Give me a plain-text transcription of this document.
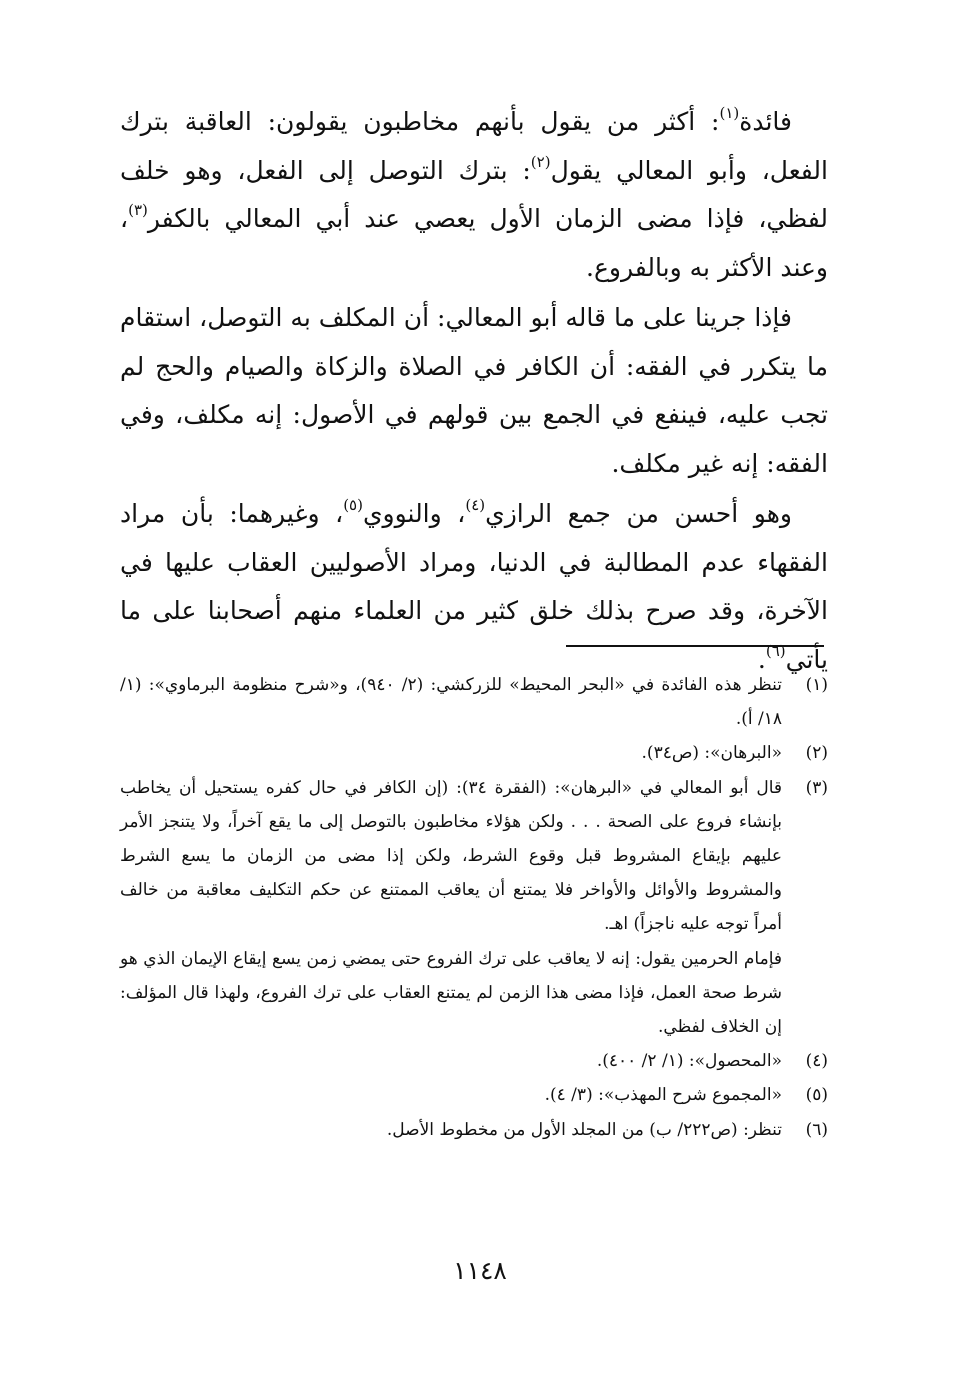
فائدة$^{(١)}$: أكثر من يقول بأنهم مخاطبون يقولون: العاقبة بترك الفعل، وأبو المعالي يقول$^{(٢)}$: بترك التوصل إلى الفعل، وهو خلف لفظي، فإذا مضى الزمان الأول يعصي عند أبي المعالي بالكفر$^{(٣)}$، وعند الأكثر به وبالفروع.

فإذا جرينا على ما قاله أبو المعالي: أن المكلف به التوصل، استقام ما يتكرر في الفقه: أن الكافر في الصلاة والزكاة والصيام والحج لم تجب عليه، فينفع في الجمع بين قولهم في الأصول: إنه مكلف، وفي الفقه: إنه غير مكلف.

وهو أحسن من جمع الرازي$^{(٤)}$، والنووي$^{(٥)}$، وغيرهما: بأن مراد الفقهاء عدم المطالبة في الدنيا، ومراد الأصوليين العقاب عليها في الآخرة، وقد صرح بذلك خلق كثير من العلماء منهم أصحابنا على ما يأتي$^{(٦)}$.

(١)

تنظر هذه الفائدة في «البحر المحيط» للزركشي: (٢/ ٩٤٠)، و«شرح منظومة البرماوي»: (١/ ١٨/ أ).

(٢)

«البرهان»: (ص٣٤).

(٣)

قال أبو المعالي في «البرهان»: (الفقرة ٣٤): (إن الكافر في حال كفره يستحيل أن يخاطب بإنشاء فروع على الصحة . . . ولكن هؤلاء مخاطبون بالتوصل إلى ما يقع آخراً، ولا يتنجز الأمر عليهم بإيقاع المشروط قبل وقوع الشرط، ولكن إذا مضى من الزمان ما يسع الشرط والمشروط والأوائل والأواخر فلا يمتنع أن يعاقب الممتنع عن حكم التكليف معاقبة من خالف أمراً توجه عليه ناجزاً) اهـ.

فإمام الحرمين يقول: إنه لا يعاقب على ترك الفروع حتى يمضي زمن يسع إيقاع الإيمان الذي هو شرط صحة العمل، فإذا مضى هذا الزمن لم يمتنع العقاب على ترك الفروع، ولهذا قال المؤلف: إن الخلاف لفظي.

(٤)

«المحصول»: (١/ ٢/ ٤٠٠).

(٥)

«المجموع شرح المهذب»: (٣/ ٤).

(٦)

تنظر: (ص٢٢٢/ ب) من المجلد الأول من مخطوط الأصل.

١١٤٨
